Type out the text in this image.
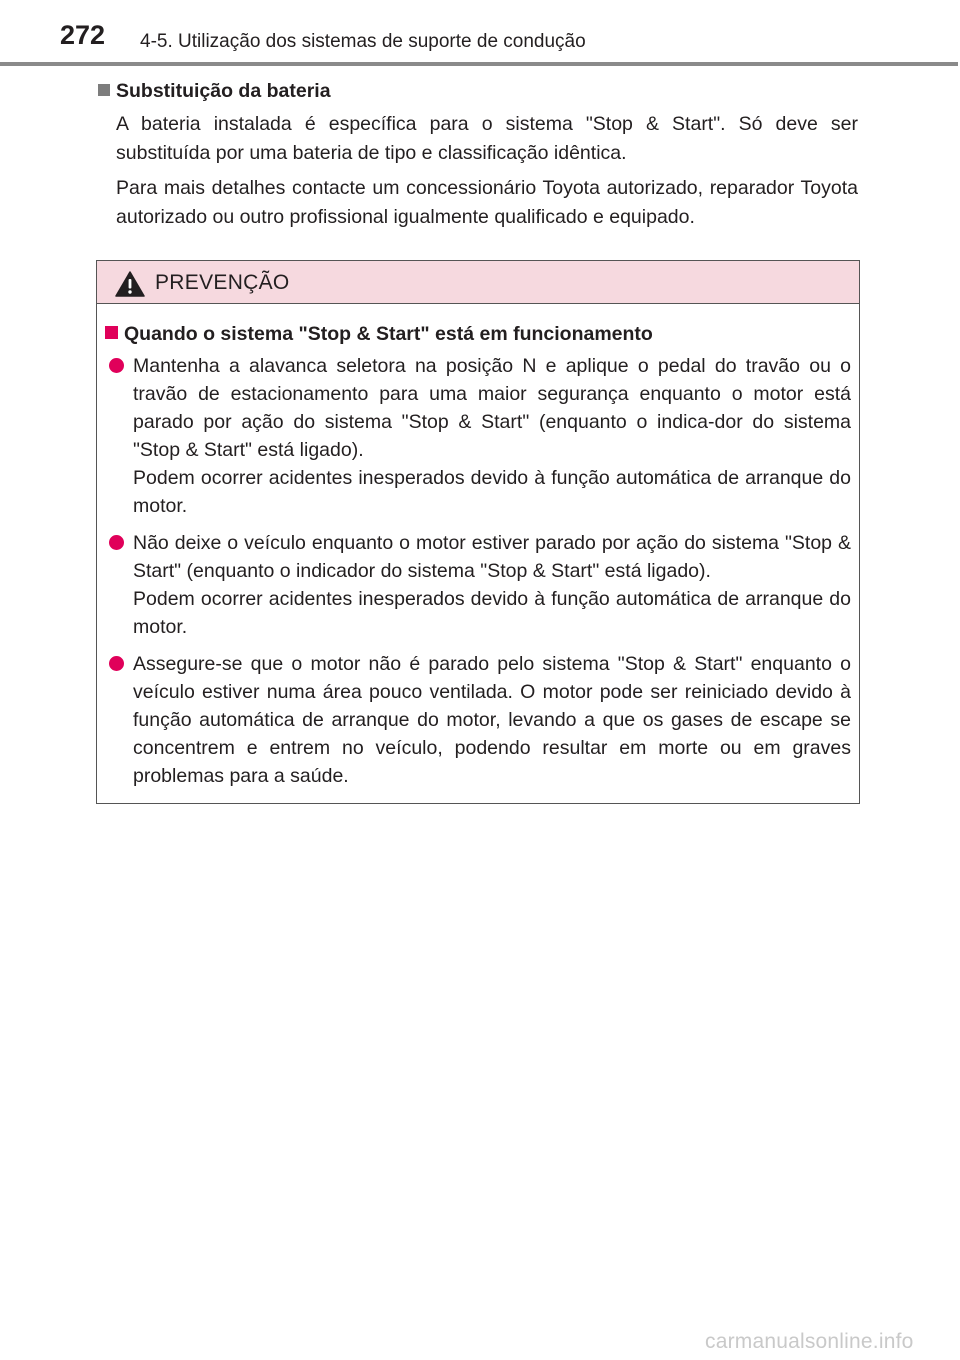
272 4-5. Utilização dos sistemas de suporte de condução

Substituição da bateria

A bateria instalada é específica para o sistema "Stop & Start". Só deve ser substituída por uma bateria de tipo e classificação idêntica.

Para mais detalhes contacte um concessionário Toyota autorizado, reparador Toyota autorizado ou outro profissional igualmente qualificado e equipado.

PREVENÇÃO

Quando o sistema "Stop & Start" está em funcionamento

Mantenha a alavanca seletora na posição N e aplique o pedal do travão ou o travão de estacionamento para uma maior segurança enquanto o motor está parado por ação do sistema "Stop & Start" (enquanto o indica-dor do sistema "Stop & Start" está ligado).
Podem ocorrer acidentes inesperados devido à função automática de arranque do motor.
Não deixe o veículo enquanto o motor estiver parado por ação do sistema "Stop & Start" (enquanto o indicador do sistema "Stop & Start" está ligado).
Podem ocorrer acidentes inesperados devido à função automática de arranque do motor.
Assegure-se que o motor não é parado pelo sistema "Stop & Start" enquanto o veículo estiver numa área pouco ventilada. O motor pode ser reiniciado devido à função automática de arranque do motor, levando a que os gases de escape se concentrem e entrem no veículo, podendo resultar em morte ou em graves problemas para a saúde.
carmanualsonline.info
